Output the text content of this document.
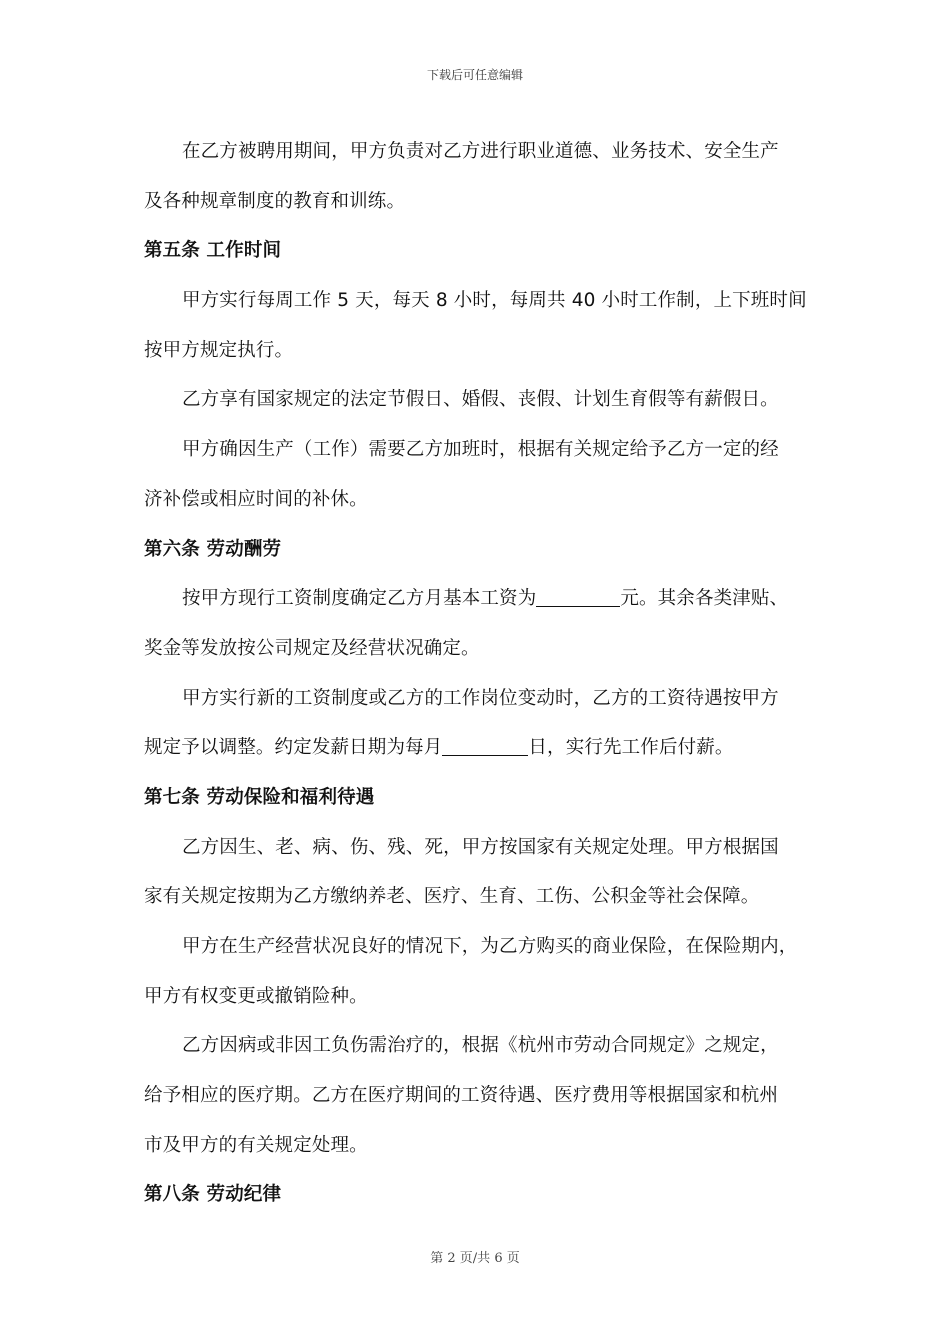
下载后可任意编辑
在乙方被聘用期间，甲方负责对乙方进行职业道德、业务技术、安全生产
及各种规章制度的教育和训练。
第五条 工作时间
甲方实行每周工作 5 天，每天 8 小时，每周共 40 小时工作制，上下班时间
按甲方规定执行。
乙方享有国家规定的法定节假日、婚假、丧假、计划生育假等有薪假日。
甲方确因生产（工作）需要乙方加班时，根据有关规定给予乙方一定的经
济补偿或相应时间的补休。
第六条 劳动酬劳
按甲方现行工资制度确定乙方月基本工资为	元。其余各类津贴、
奖金等发放按公司规定及经营状况确定。
甲方实行新的工资制度或乙方的工作岗位变动时，乙方的工资待遇按甲方
规定予以调整。约定发薪日期为每月	日，实行先工作后付薪。
第七条 劳动保险和福利待遇
乙方因生、老、病、伤、残、死，甲方按国家有关规定处理。甲方根据国
家有关规定按期为乙方缴纳养老、医疗、生育、工伤、公积金等社会保障。
甲方在生产经营状况良好的情况下，为乙方购买的商业保险，在保险期内，
甲方有权变更或撤销险种。
乙方因病或非因工负伤需治疗的，根据《杭州市劳动合同规定》之规定，
给予相应的医疗期。乙方在医疗期间的工资待遇、医疗费用等根据国家和杭州
市及甲方的有关规定处理。
第八条 劳动纪律
第 2 页/共 6 页
